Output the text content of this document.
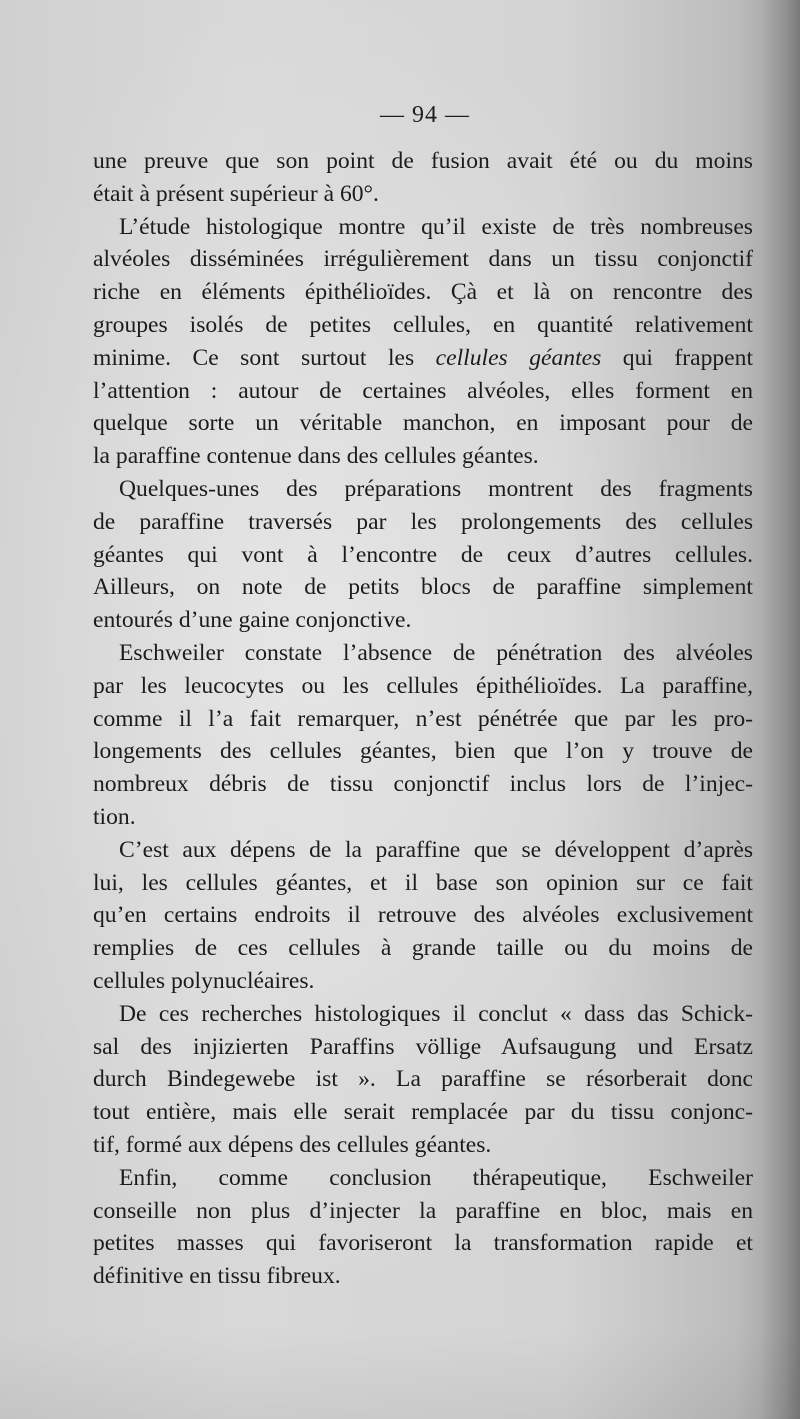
— 94 —
une preuve que son point de fusion avait été ou du moins
était à présent supérieur à 60°.
L’étude histologique montre qu’il existe de très nombreuses
alvéoles disséminées irrégulièrement dans un tissu conjonctif
riche en éléments épithélioïdes. Çà et là on rencontre des
groupes isolés de petites cellules, en quantité relativement
minime. Ce sont surtout les cellules géantes qui frappent
l’attention : autour de certaines alvéoles, elles forment en
quelque sorte un véritable manchon, en imposant pour de
la paraffine contenue dans des cellules géantes.
Quelques-unes des préparations montrent des fragments
de paraffine traversés par les prolongements des cellules
géantes qui vont à l’encontre de ceux d’autres cellules.
Ailleurs, on note de petits blocs de paraffine simplement
entourés d’une gaine conjonctive.
Eschweiler constate l’absence de pénétration des alvéoles
par les leucocytes ou les cellules épithélioïdes. La paraffine,
comme il l’a fait remarquer, n’est pénétrée que par les pro-
longements des cellules géantes, bien que l’on y trouve de
nombreux débris de tissu conjonctif inclus lors de l’injec-
tion.
C’est aux dépens de la paraffine que se développent d’après
lui, les cellules géantes, et il base son opinion sur ce fait
qu’en certains endroits il retrouve des alvéoles exclusivement
remplies de ces cellules à grande taille ou du moins de
cellules polynucléaires.
De ces recherches histologiques il conclut « dass das Schick-
sal des injizierten Paraffins völlige Aufsaugung und Ersatz
durch Bindegewebe ist ». La paraffine se résorberait donc
tout entière, mais elle serait remplacée par du tissu conjonc-
tif, formé aux dépens des cellules géantes.
Enfin, comme conclusion thérapeutique, Eschweiler
conseille non plus d’injecter la paraffine en bloc, mais en
petites masses qui favoriseront la transformation rapide et
définitive en tissu fibreux.
